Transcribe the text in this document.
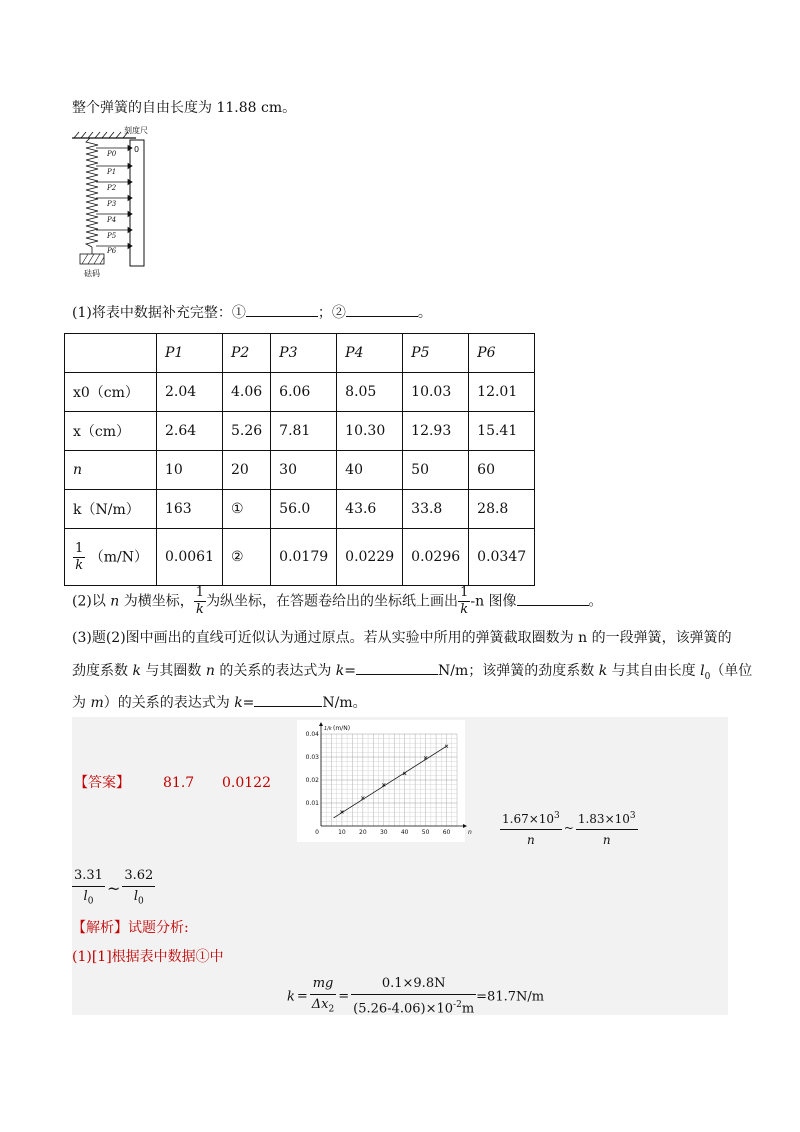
整个弹簧的自由长度为 11.88 cm。
P0
P1
P2
P3
P4
P5
P6
0
刻度尺
砝码
(1)将表中数据补充完整：①	；②	。
	P1	P2	P3	P4	P5	P6
x0（cm）	2.04	4.06	6.06	8.05	10.03	12.01
x（cm）	2.64	5.26	7.81	10.30	12.93	15.41
n	10	20	30	40	50	60
k（N/m）	163	①	56.0	43.6	33.8	28.8

$\frac{1}{k} (m/N)$	0.0061	②	0.0179	0.0229	0.0296	0.0347
(2)以 n 为横坐标， $\frac{1}{k}$ 为纵坐标，在答题卷给出的坐标纸上画出 $\frac{1}{k} -n$ 图像	。
(3)题(2)图中画出的直线可近似认为通过原点。若从实验中所用的弹簧截取圈数为 n 的一段弹簧，该弹簧的
劲度系数 k 与其圈数 n 的关系的表达式为 k=	N/m；该弹簧的劲度系数 k 与其自由长度 $l_0$（单位
为 m）的关系的表达式为 k=	N/m。
【答案】 81.7 0.0122
10 20 30 40 50 60
0.01
0.02
0.03
0.04
0	n
1/k (m/N)
$\frac{1.67\times 10^3}{n}$ ~ $\frac{1.83\times 10^3}{n}$
$\frac{3.31}{l_0}$ ~ $\frac{3.62}{l_0}$
【解析】试题分析:
(1)[1]根据表中数据①中
$k = \frac{mg}{\Delta x_2} = \frac{0.1\times 9.8N}{(5.26-4.06)\times 10^{-2}m} =81.7N/m$
